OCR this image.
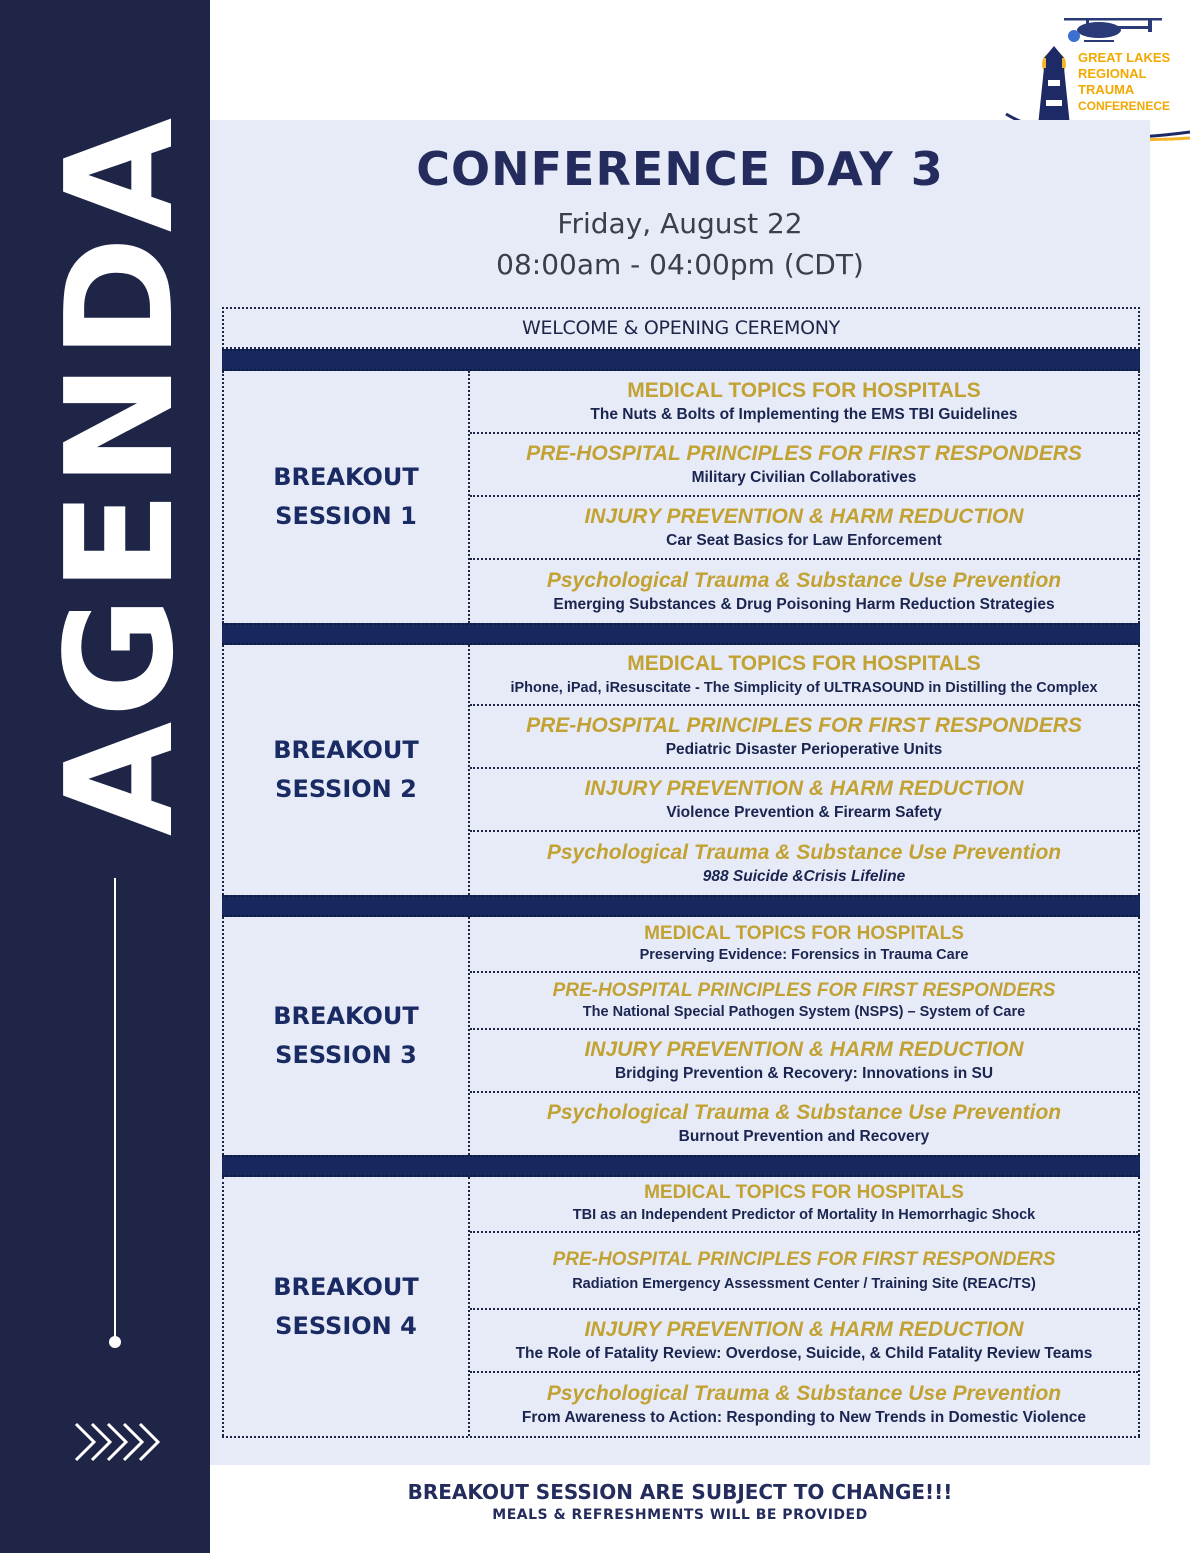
AGENDA
GREAT LAKES
REGIONAL
TRAUMA
CONFERENECE
CONFERENCE DAY 3
Friday, August 22
08:00am - 04:00pm (CDT)
WELCOME & OPENING CEREMONY
BREAKOUT
SESSION 1
MEDICAL TOPICS FOR HOSPITALS
The Nuts & Bolts of Implementing the EMS TBI Guidelines
PRE-HOSPITAL PRINCIPLES FOR FIRST RESPONDERS
Military Civilian Collaboratives
INJURY PREVENTION & HARM REDUCTION
Car Seat Basics for Law Enforcement
Psychological Trauma & Substance Use Prevention
Emerging Substances & Drug Poisoning Harm Reduction Strategies
BREAKOUT
SESSION 2
MEDICAL TOPICS FOR HOSPITALS
iPhone, iPad, iResuscitate - The Simplicity of ULTRASOUND in Distilling the Complex
PRE-HOSPITAL PRINCIPLES FOR FIRST RESPONDERS
Pediatric Disaster Perioperative Units
INJURY PREVENTION & HARM REDUCTION
Violence Prevention & Firearm Safety
Psychological Trauma & Substance Use Prevention
988 Suicide &Crisis Lifeline
BREAKOUT
SESSION 3
MEDICAL TOPICS FOR HOSPITALS
Preserving Evidence: Forensics in Trauma Care
PRE-HOSPITAL PRINCIPLES FOR FIRST RESPONDERS
The National Special Pathogen System (NSPS) – System of Care
INJURY PREVENTION & HARM REDUCTION
Bridging Prevention & Recovery: Innovations in SU
Psychological Trauma & Substance Use Prevention
Burnout Prevention and Recovery
BREAKOUT
SESSION 4
MEDICAL TOPICS FOR HOSPITALS
TBI as an Independent Predictor of Mortality In Hemorrhagic Shock
PRE-HOSPITAL PRINCIPLES FOR FIRST RESPONDERS
Radiation Emergency Assessment Center / Training Site (REAC/TS)
INJURY PREVENTION & HARM REDUCTION
The Role of Fatality Review: Overdose, Suicide, & Child Fatality Review Teams
Psychological Trauma & Substance Use Prevention
From Awareness to Action: Responding to New Trends in Domestic Violence
BREAKOUT SESSION ARE SUBJECT TO CHANGE!!!
MEALS & REFRESHMENTS WILL BE PROVIDED
